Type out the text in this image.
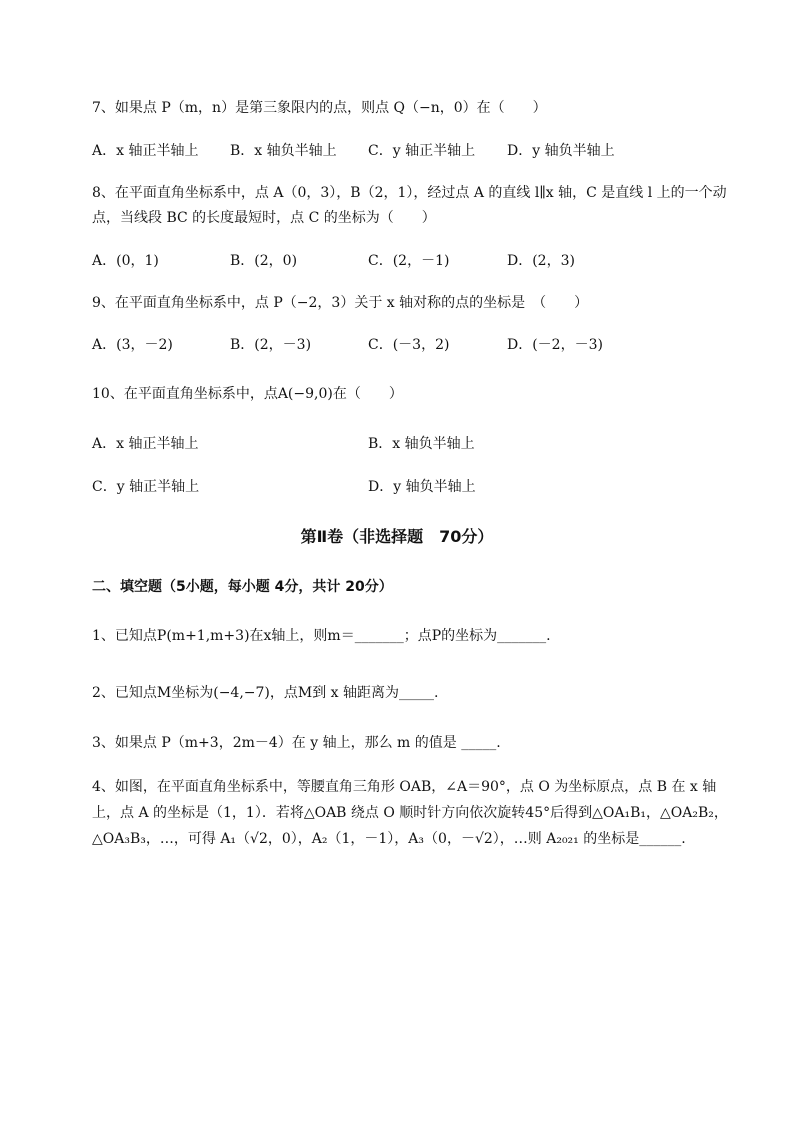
7、如果点 P（m，n）是第三象限内的点，则点 Q（−n，0）在（　　）
A．x 轴正半轴上 B．x 轴负半轴上 C．y 轴正半轴上 D．y 轴负半轴上
8、在平面直角坐标系中，点 A（0，3），B（2，1），经过点 A 的直线 l∥x 轴，C 是直线 l 上的一个动
点，当线段 BC 的长度最短时，点 C 的坐标为（　　）
A．(0，1)	B．(2，0)	C．(2，－1)	D．(2，3)
9、在平面直角坐标系中，点 P（−2，3）关于 x 轴对称的点的坐标是　（　　）
A．(3，－2)	B．(2，－3)	C．(－3，2)	D．(－2，－3)
10、在平面直角坐标系中，点A(−9,0)在（　　）
A．x 轴正半轴上	B．x 轴负半轴上
C．y 轴正半轴上	D．y 轴负半轴上
第Ⅱ卷（非选择题　70分）
二、填空题（5小题，每小题 4分，共计 20分）
1、已知点P(m+1,m+3)在x轴上，则m＝_______；点P的坐标为_______.
2、已知点M坐标为(−4,−7)，点M到 x 轴距离为_____.
3、如果点 P（m+3，2m－4）在 y 轴上，那么 m 的值是 _____.
4、如图，在平面直角坐标系中，等腰直角三角形 OAB，∠A＝90°，点 O 为坐标原点，点 B 在 x 轴
上，点 A 的坐标是（1，1）．若将△OAB 绕点 O 顺时针方向依次旋转45°后得到△OA₁B₁，△OA₂B₂，
△OA₃B₃，…，可得 A₁（√2，0），A₂（1，－1），A₃（0，－√2），…则 A₂₀₂₁ 的坐标是______.
